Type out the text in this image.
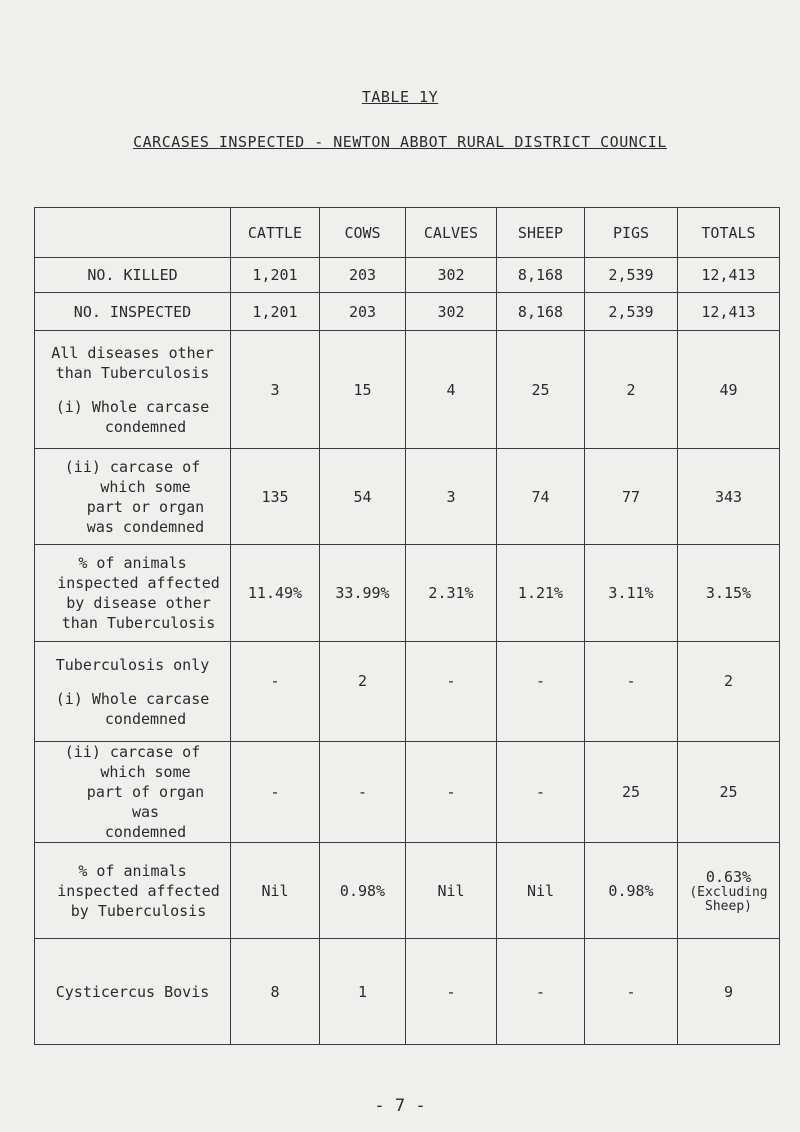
TABLE 1Y
CARCASES INSPECTED - NEWTON ABBOT RURAL DISTRICT COUNCIL
	CATTLE	COWS	CALVES	SHEEP	PIGS	TOTALS
NO. KILLED	1,201	203	302	8,168	2,539	12,413
NO. INSPECTED	1,201	203	302	8,168	2,539	12,413

All diseases other
than Tuberculosis
(i) Whole carcase
condemned	3	15	4	25	2	49

(ii) carcase of
which some
part or organ
was condemned	135	54	3	74	77	343

% of animals
inspected affected
by disease other
than Tuberculosis	11.49%	33.99%	2.31%	1.21%	3.11%	3.15%

Tuberculosis only
(i) Whole carcase
condemned	-	2	-	-	-	2

(ii) carcase of
which some
part of organ
was
condemned	-	-	-	-	25	25

% of animals
inspected affected
by Tuberculosis	Nil	0.98%	Nil	Nil	0.98%	0.63%
(Excluding
Sheep)

Cysticercus Bovis	8	1	-	-	-	9
- 7 -
